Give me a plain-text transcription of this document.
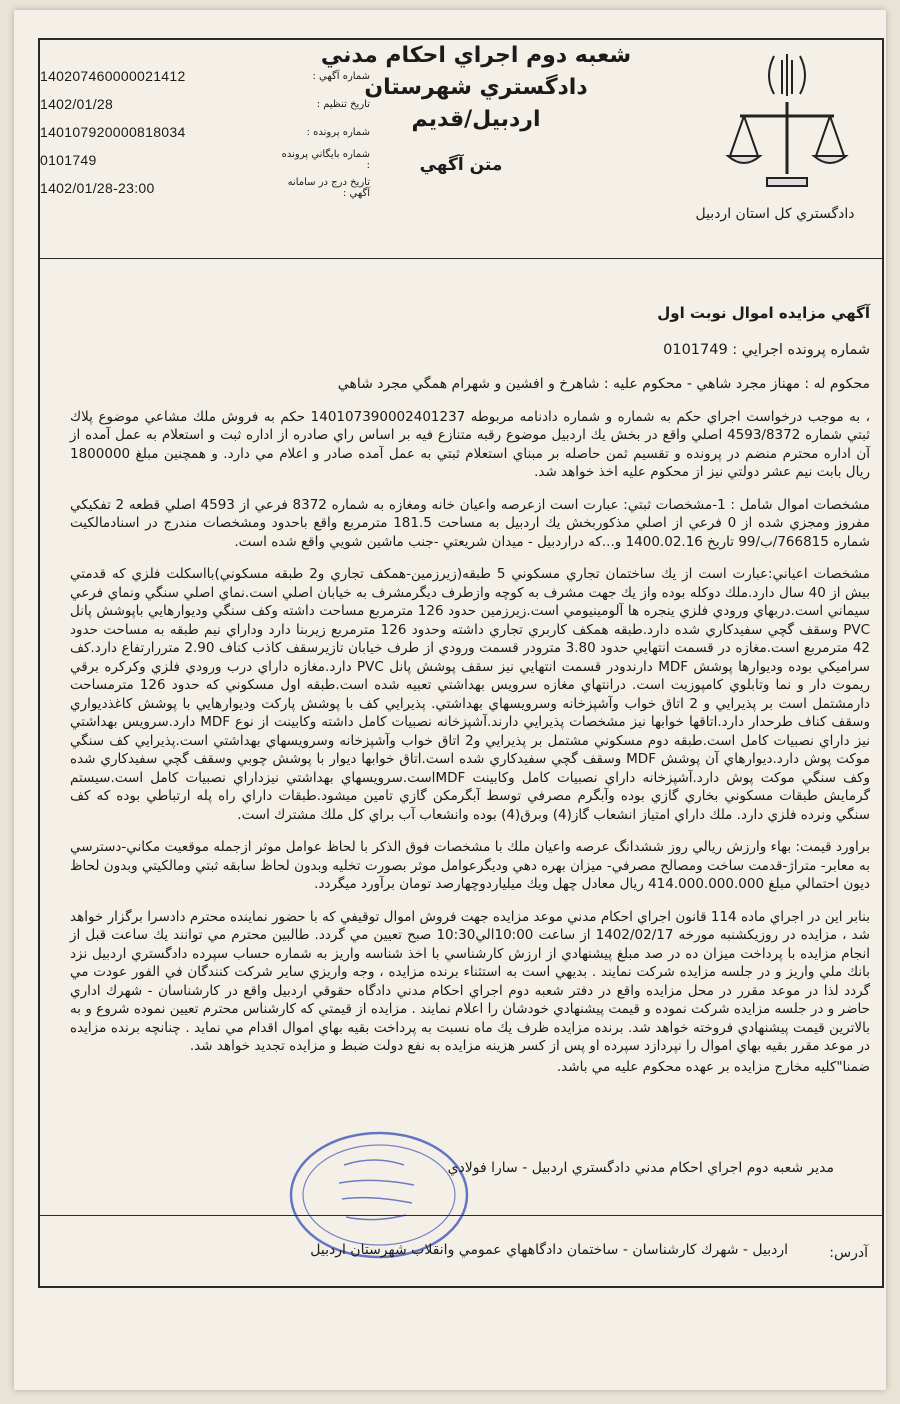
شعبه دوم اجراي احكام مدني دادگستري شهرستان
اردبيل/قديم
متن آگهي
دادگستري كل استان اردبيل
140207460000021412	شماره آگهي :
1402/01/28	تاريخ تنظيم :
140107920000818034	شماره پرونده :
0101749	شماره بايگاني پرونده :
1402/01/28-23:00	تاريخ درج در سامانه آگهي :

آگهي مزايده اموال نوبت اول

شماره پرونده اجرايي : 0101749

محكوم له : مهناز مجرد شاهي - محكوم عليه : شاهرخ و افشين و شهرام همگي مجرد شاهي

، به موجب درخواست اجراي حكم به شماره و شماره دادنامه مربوطه 140107390002401237 حكم به فروش ملك مشاعي موضوع پلاك ثبتي شماره 4593/8372 اصلي واقع در بخش يك اردبيل موضوع رقبه متنازع فيه بر اساس راي صادره از اداره ثبت و استعلام به عمل آمده از آن اداره محترم منضم در پرونده و تقسيم ثمن حاصله بر مبناي استعلام ثبتي به عمل آمده صادر و اعلام مي دارد. و همچنين مبلغ 1800000 ريال بابت نيم عشر دولتي نيز از محكوم عليه اخذ خواهد شد.

مشخصات اموال شامل : 1-مشخصات ثبتي: عبارت است ازعرصه واعيان خانه ومغازه به شماره 8372 فرعي از 4593 اصلي قطعه 2 تفكيكي مفروز ومجزي شده از 0 فرعي از اصلي مذكوربخش يك اردبيل به مساحت 181.5 مترمربع واقع باحدود ومشخصات مندرج در اسنادمالكيت شماره 766815/ب/99 تاريخ 1400.02.16 و...كه دراردبيل - ميدان شريعتي -جنب ماشين شويي واقع شده است.

مشخصات اعياني:عبارت است از يك ساختمان تجاري مسكوني 5 طبقه(زيرزمين-همكف تجاري و2 طبقه مسكوني)بااسكلت فلزي كه قدمتي بيش از 40 سال دارد.ملك دوكله بوده واز يك جهت مشرف به كوچه وازطرف ديگرمشرف به خيابان اصلي است.نماي اصلي سنگي ونماي فرعي سيماني است.دربهاي ورودي فلزي ينجره ها آلومينيومي است.زيرزمين حدود 126 مترمربع مساحت داشته وكف سنگي وديوارهايي باپوشش پانل PVC وسقف گچي سفيدكاري شده دارد.طبقه همكف كاربري تجاري داشته وحدود 126 مترمربع زيربنا دارد وداراي نيم طبقه به مساحت حدود 42 مترمربع است.مغازه در قسمت انتهايي حدود 3.80 مترودر قسمت ورودي از طرف خيابان تازيرسقف كاذب كناف 2.90 متررارتفاع دارد.كف سراميكي بوده وديوارها پوشش MDF دارندودر قسمت انتهايي نيز سقف پوشش پانل PVC دارد.مغازه داراي درب ورودي فلزي وكركره برقي ريموت دار و نما وتابلوي كامپوزيت است. درانتهاي مغازه سرويس بهداشتي تعبيه شده است.طبقه اول مسكوني كه حدود 126 مترمساحت دارمشتمل است بر پذيرايي و 2 اتاق خواب وآشپزخانه وسرويسهاي بهداشتي. پذيرايي كف با پوشش پاركت وديوارهايي با پوشش كاغذديواري وسقف كناف طرحدار دارد.اتاقها خوابها نيز مشخصات پذيرايي دارند.آشپزخانه نصبيات كامل داشته وكابينت از نوع MDF دارد.سرويس بهداشتي نيز داراي نصبيات كامل است.طبقه دوم مسكوني مشتمل بر پذيرايي و2 اتاق خواب وآشپزخانه وسرويسهاي بهداشتي است.پذيرايي كف سنگي موكت پوش دارد.ديوارهاي آن پوشش MDF وسقف گچي سفيدكاري شده است.اتاق خوابها ديوار با پوشش چوبي وسقف گچي سفيدكاري شده وكف سنگي موكت پوش دارد.آشپزخانه داراي نصبيات كامل وكابينت MDFاست.سرويسهاي بهداشتي نيزداراي نصبيات كامل است.سيستم گرمايش طبقات مسكوني بخاري گازي بوده وآبگرم مصرفي توسط آبگرمكن گازي تامين ميشود.طبقات داراي راه پله ارتباطي بوده كه كف سنگي ونرده فلزي دارد. ملك داراي امتياز انشعاب گاز(4) وبرق(4) بوده وانشعاب آب براي كل ملك مشترك است.

براورد قيمت: بهاء وارزش ريالي روز ششدانگ عرصه واعيان ملك با مشخصات فوق الذكر با لحاظ عوامل موثر ازجمله موقعيت مكاني-دسترسي به معابر- متراژ-قدمت ساخت ومصالح مصرفي- ميزان بهره دهي وديگرعوامل موثر بصورت تخليه وبدون لحاظ سابقه ثبتي ومالكيتي وبدون لحاظ ديون احتمالي مبلغ 414.000.000.000 ريال معادل چهل ويك ميلياردوچهارصد تومان برآورد ميگردد.

بنابر اين در اجراي ماده 114 قانون اجراي احكام مدني موعد مزايده جهت فروش اموال توقيفي كه با حضور نماينده محترم دادسرا برگزار خواهد شد ، مزايده در روزيكشنبه مورخه 1402/02/17 از ساعت 10:00الي10:30 صبح تعيين مي گردد. طالبين محترم مي توانند يك ساعت قبل از انجام مزايده با پرداخت ميزان ده در صد مبلغ پيشنهادي از ارزش كارشناسي با اخذ شناسه واريز به شماره حساب سپرده دادگستري اردبيل نزد بانك ملي واريز و در جلسه مزايده شركت نمايند . بديهي است به استثناء برنده مزايده ، وجه واريزي ساير شركت كنندگان في الفور عودت مي گردد لذا در موعد مقرر در محل مزايده واقع در دفتر شعبه دوم اجراي احكام مدني دادگاه حقوقي اردبيل واقع در كارشناسان - شهرك اداري حاضر و در جلسه مزايده شركت نموده و قيمت پيشنهادي خودشان را اعلام نمايند . مزايده از قيمتي كه كارشناس محترم تعيين نموده شروع و به بالاترين قيمت پيشنهادي فروخته خواهد شد. برنده مزايده ظرف يك ماه نسبت به پرداخت بقيه بهاي اموال اقدام مي نمايد . چنانچه برنده مزايده در موعد مقرر بقيه بهاي اموال را نپردازد سپرده او پس از كسر هزينه مزايده به نفع دولت ضبط و مزايده تجديد خواهد شد.

ضمنا"كليه مخارج مزايده بر عهده محكوم عليه مي باشد.

مدير شعبه دوم اجراي احكام مدني دادگستري اردبيل - سارا فولادي
آدرس:
اردبيل - شهرك كارشناسان - ساختمان دادگاههاي عمومي وانقلاب شهرستان اردبيل
